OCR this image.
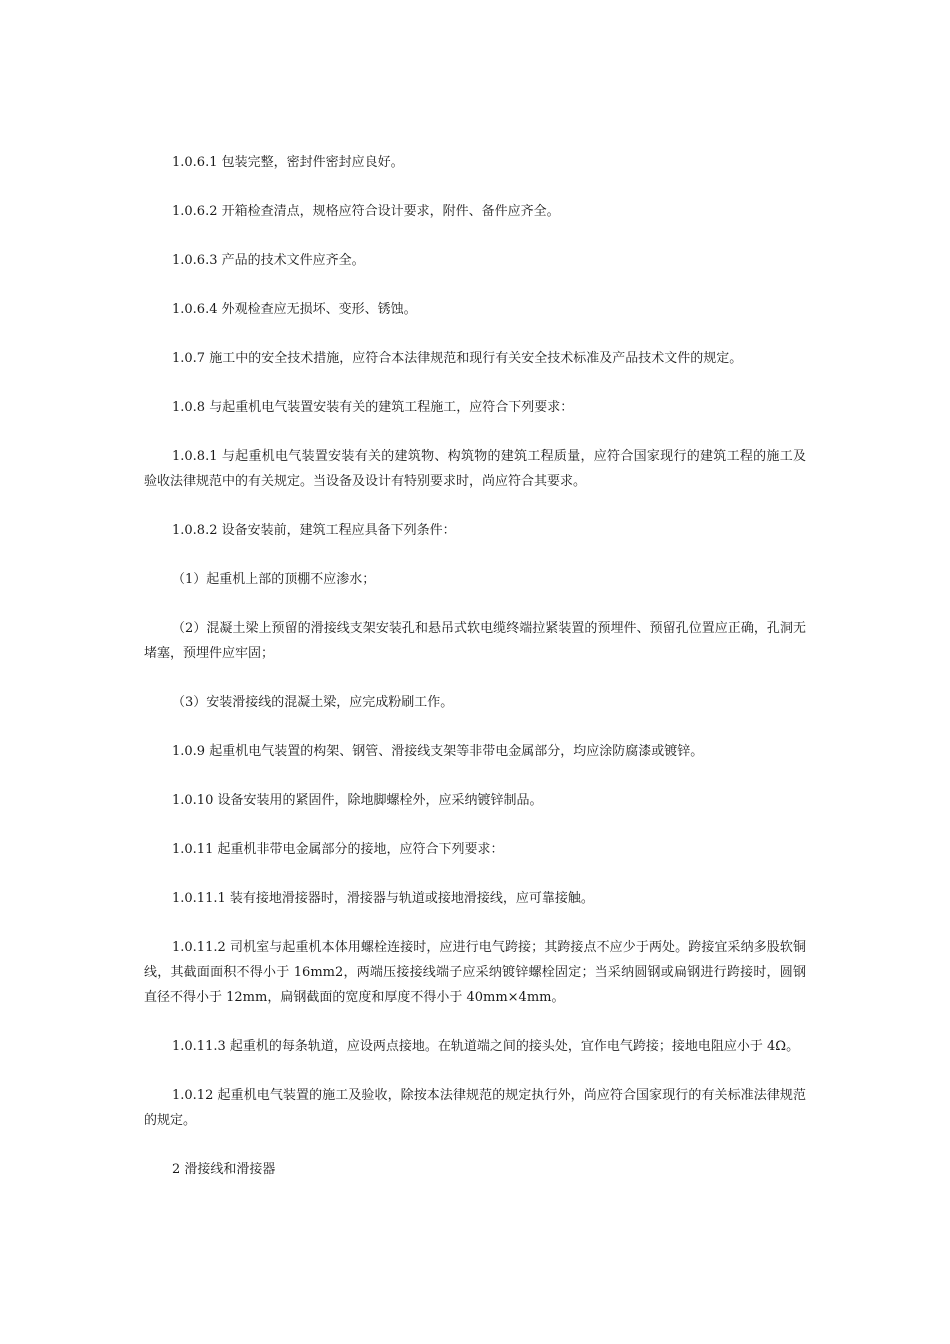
1.0.6.1 包装完整，密封件密封应良好。

1.0.6.2 开箱检查清点，规格应符合设计要求，附件、备件应齐全。

1.0.6.3 产品的技术文件应齐全。

1.0.6.4 外观检查应无损坏、变形、锈蚀。

1.0.7 施工中的安全技术措施，应符合本法律规范和现行有关安全技术标准及产品技术文件的规定。

1.0.8 与起重机电气装置安装有关的建筑工程施工，应符合下列要求：

1.0.8.1 与起重机电气装置安装有关的建筑物、构筑物的建筑工程质量，应符合国家现行的建筑工程的施工及验收法律规范中的有关规定。当设备及设计有特别要求时，尚应符合其要求。

1.0.8.2 设备安装前，建筑工程应具备下列条件：

（1）起重机上部的顶棚不应渗水；

（2）混凝土梁上预留的滑接线支架安装孔和悬吊式软电缆终端拉紧装置的预埋件、预留孔位置应正确，孔洞无堵塞，预埋件应牢固；

（3）安装滑接线的混凝土梁，应完成粉刷工作。

1.0.9 起重机电气装置的构架、钢管、滑接线支架等非带电金属部分，均应涂防腐漆或镀锌。

1.0.10 设备安装用的紧固件，除地脚螺栓外，应采纳镀锌制品。

1.0.11 起重机非带电金属部分的接地，应符合下列要求：

1.0.11.1 装有接地滑接器时，滑接器与轨道或接地滑接线，应可靠接触。

1.0.11.2 司机室与起重机本体用螺栓连接时，应进行电气跨接；其跨接点不应少于两处。跨接宜采纳多股软铜线，其截面面积不得小于 16mm2，两端压接接线端子应采纳镀锌螺栓固定；当采纳圆钢或扁钢进行跨接时，圆钢直径不得小于 12mm，扁钢截面的宽度和厚度不得小于 40mm×4mm。

1.0.11.3 起重机的每条轨道，应设两点接地。在轨道端之间的接头处，宜作电气跨接；接地电阻应小于 4Ω。

1.0.12 起重机电气装置的施工及验收，除按本法律规范的规定执行外，尚应符合国家现行的有关标准法律规范的规定。

2 滑接线和滑接器
